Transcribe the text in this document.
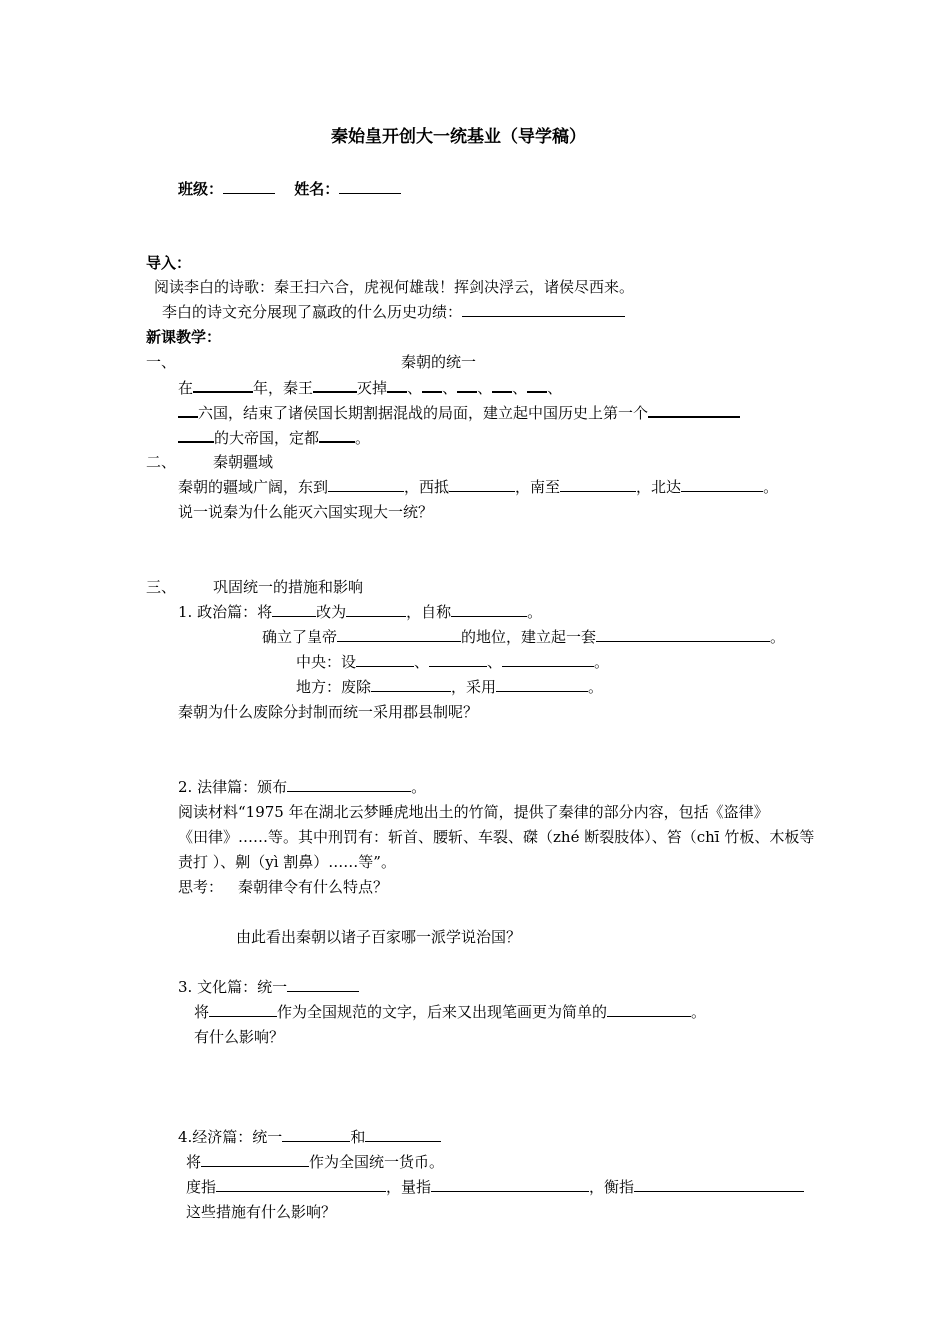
秦始皇开创大一统基业（导学稿）
班级：	姓名：
导入：
阅读李白的诗歌：秦王扫六合，虎视何雄哉！挥剑决浮云，诸侯尽西来。
李白的诗文充分展现了嬴政的什么历史功绩：
新课教学：
一、	秦朝的统一
在	年，秦王	灭掉 、 、 、 、 、
六国，结束了诸侯国长期割据混战的局面，建立起中国历史上第一个
的大帝国，定都 。
二、 秦朝疆域
秦朝的疆域广阔，东到	，西抵	，南至	，北达	。
说一说秦为什么能灭六国实现大一统？
三、 巩固统一的措施和影响
1. 政治篇：将	改为	，自称	。
确立了皇帝	的地位，建立起一套	。
中央：设	、	、	。
地方：废除	，采用	。
秦朝为什么废除分封制而统一采用郡县制呢？
2. 法律篇：颁布	。
阅读材料“1975 年在湖北云梦睡虎地出土的竹简，提供了秦律的部分内容，包括《盗律》
《田律》……等。其中刑罚有：斩首、腰斩、车裂、磔（zhé 断裂肢体）、笞（chī 竹板、木板等
责打 ）、劓（yì 割鼻）……等”。
思考： 秦朝律令有什么特点？
由此看出秦朝以诸子百家哪一派学说治国？
3. 文化篇：统一
将	作为全国规范的文字，后来又出现笔画更为简单的	。
有什么影响？
4.经济篇：统一	和
将	作为全国统一货币。
度指	，量指	，衡指
这些措施有什么影响？
